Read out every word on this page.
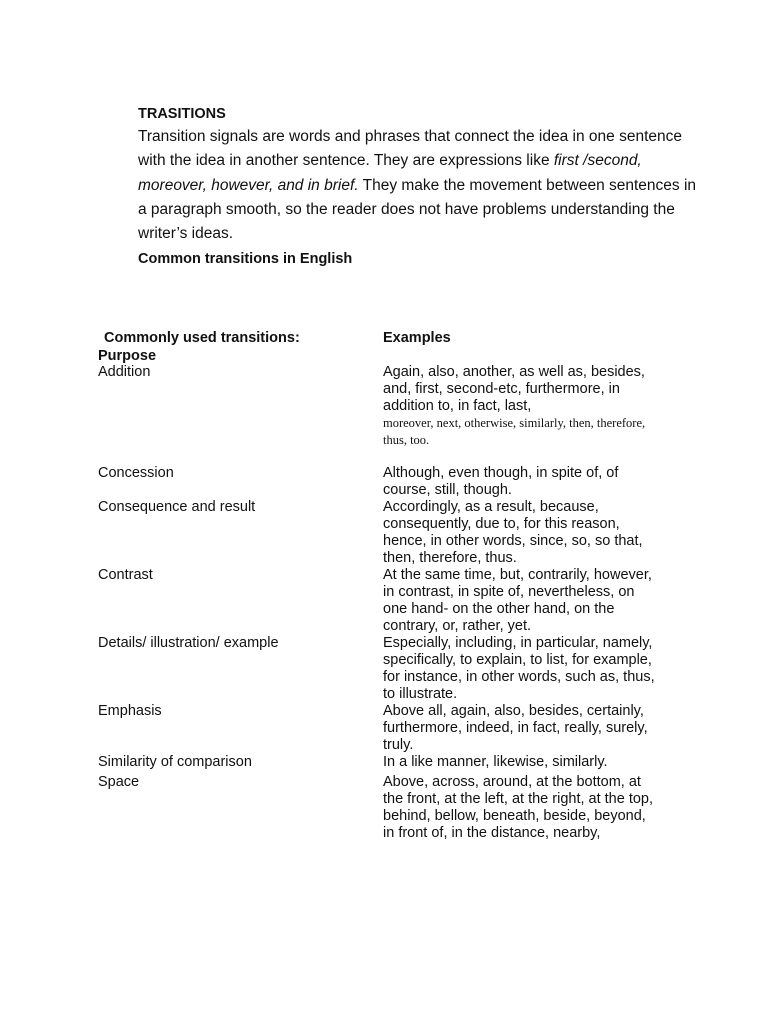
TRASITIONS

Transition signals are words and phrases that connect the idea in one sentence with the idea in another sentence. They are expressions like first /second, moreover, however, and in brief. They make the movement between sentences in a paragraph smooth, so the reader does not have problems understanding the writer’s ideas.

Common transitions in English
Commonly used transitions:
Purpose
Examples
Addition	Again, also, another, as well as, besides, and, first, second-etc, furthermore, in addition to, in fact, last,
moreover, next, otherwise, similarly, then, therefore, thus, too.
Concession	Although, even though, in spite of, of course, still, though.
Consequence and result	Accordingly, as a result, because, consequently, due to, for this reason, hence, in other words, since, so, so that, then, therefore, thus.
Contrast	At the same time, but, contrarily, however, in contrast, in spite of, nevertheless, on one hand- on the other hand, on the contrary, or, rather, yet.
Details/ illustration/ example	Especially, including, in particular, namely, specifically, to explain, to list, for example, for instance, in other words, such as, thus, to illustrate.
Emphasis	Above all, again, also, besides, certainly, furthermore, indeed, in fact, really, surely, truly.
Similarity of comparison	In a like manner, likewise, similarly.
Space	Above, across, around, at the bottom, at the front, at the left, at the right, at the top, behind, bellow, beneath, beside, beyond, in front of, in the distance, nearby,
